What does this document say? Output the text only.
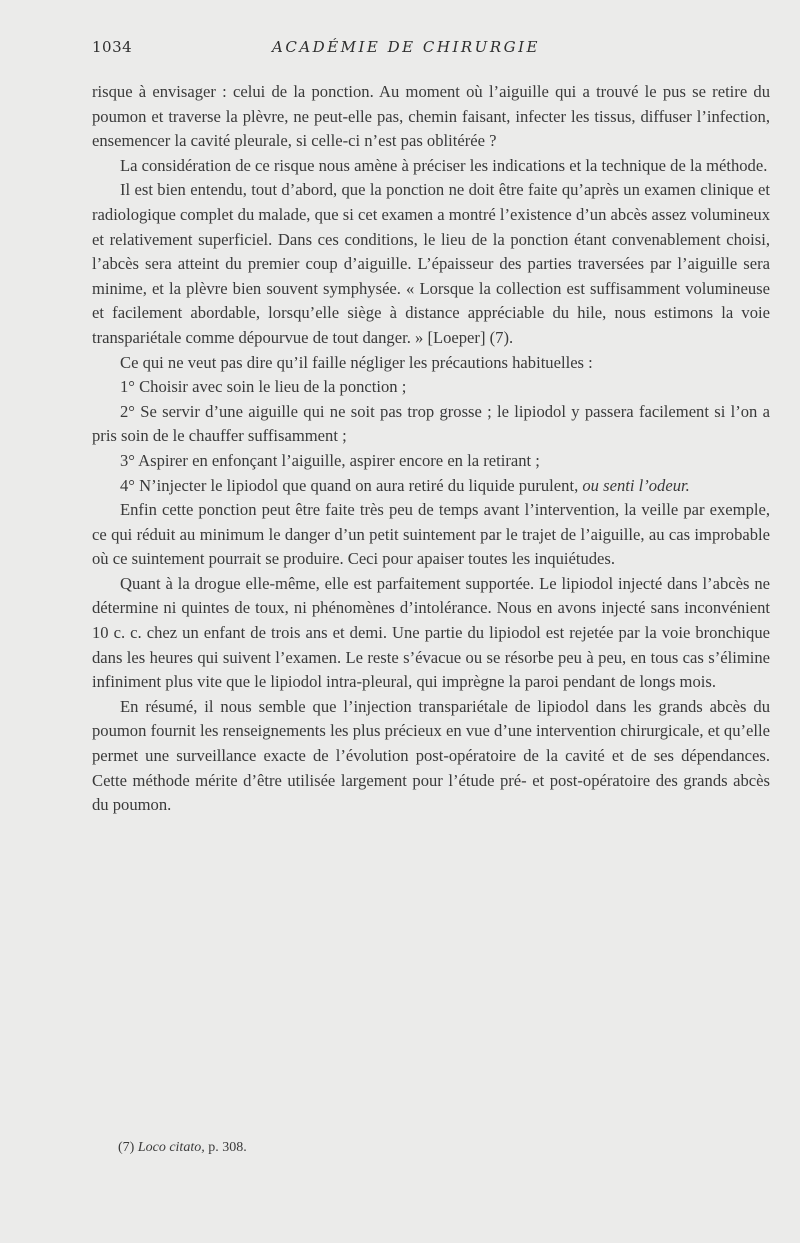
1034	ACADÉMIE DE CHIRURGIE

risque à envisager : celui de la ponction. Au moment où l’aiguille qui a trouvé le pus se retire du poumon et traverse la plèvre, ne peut-elle pas, chemin faisant, infecter les tissus, diffuser l’infection, ensemencer la cavité pleurale, si celle-ci n’est pas oblitérée ?

La considération de ce risque nous amène à préciser les indications et la technique de la méthode.

Il est bien entendu, tout d’abord, que la ponction ne doit être faite qu’après un examen clinique et radiologique complet du malade, que si cet examen a montré l’existence d’un abcès assez volumineux et relativement superficiel. Dans ces conditions, le lieu de la ponction étant convenablement choisi, l’abcès sera atteint du premier coup d’aiguille. L’épaisseur des parties traversées par l’aiguille sera minime, et la plèvre bien souvent symphysée. « Lorsque la collection est suffisamment volumineuse et facilement abordable, lorsqu’elle siège à distance appréciable du hile, nous estimons la voie transpariétale comme dépourvue de tout danger. » [Loeper] (7).

Ce qui ne veut pas dire qu’il faille négliger les précautions habituelles :

1° Choisir avec soin le lieu de la ponction ;

2° Se servir d’une aiguille qui ne soit pas trop grosse ; le lipiodol y passera facilement si l’on a pris soin de le chauffer suffisamment ;

3° Aspirer en enfonçant l’aiguille, aspirer encore en la retirant ;

4° N’injecter le lipiodol que quand on aura retiré du liquide purulent, ou senti l’odeur.

Enfin cette ponction peut être faite très peu de temps avant l’intervention, la veille par exemple, ce qui réduit au minimum le danger d’un petit suintement par le trajet de l’aiguille, au cas improbable où ce suintement pourrait se produire. Ceci pour apaiser toutes les inquiétudes.

Quant à la drogue elle-même, elle est parfaitement supportée. Le lipiodol injecté dans l’abcès ne détermine ni quintes de toux, ni phénomènes d’intolérance. Nous en avons injecté sans inconvénient 10 c. c. chez un enfant de trois ans et demi. Une partie du lipiodol est rejetée par la voie bronchique dans les heures qui suivent l’examen. Le reste s’évacue ou se résorbe peu à peu, en tous cas s’élimine infiniment plus vite que le lipiodol intra-pleural, qui imprègne la paroi pendant de longs mois.

En résumé, il nous semble que l’injection transpariétale de lipiodol dans les grands abcès du poumon fournit les renseignements les plus précieux en vue d’une intervention chirurgicale, et qu’elle permet une surveillance exacte de l’évolution post-opératoire de la cavité et de ses dépendances. Cette méthode mérite d’être utilisée largement pour l’étude pré- et post-opératoire des grands abcès du poumon.

(7) Loco citato, p. 308.
